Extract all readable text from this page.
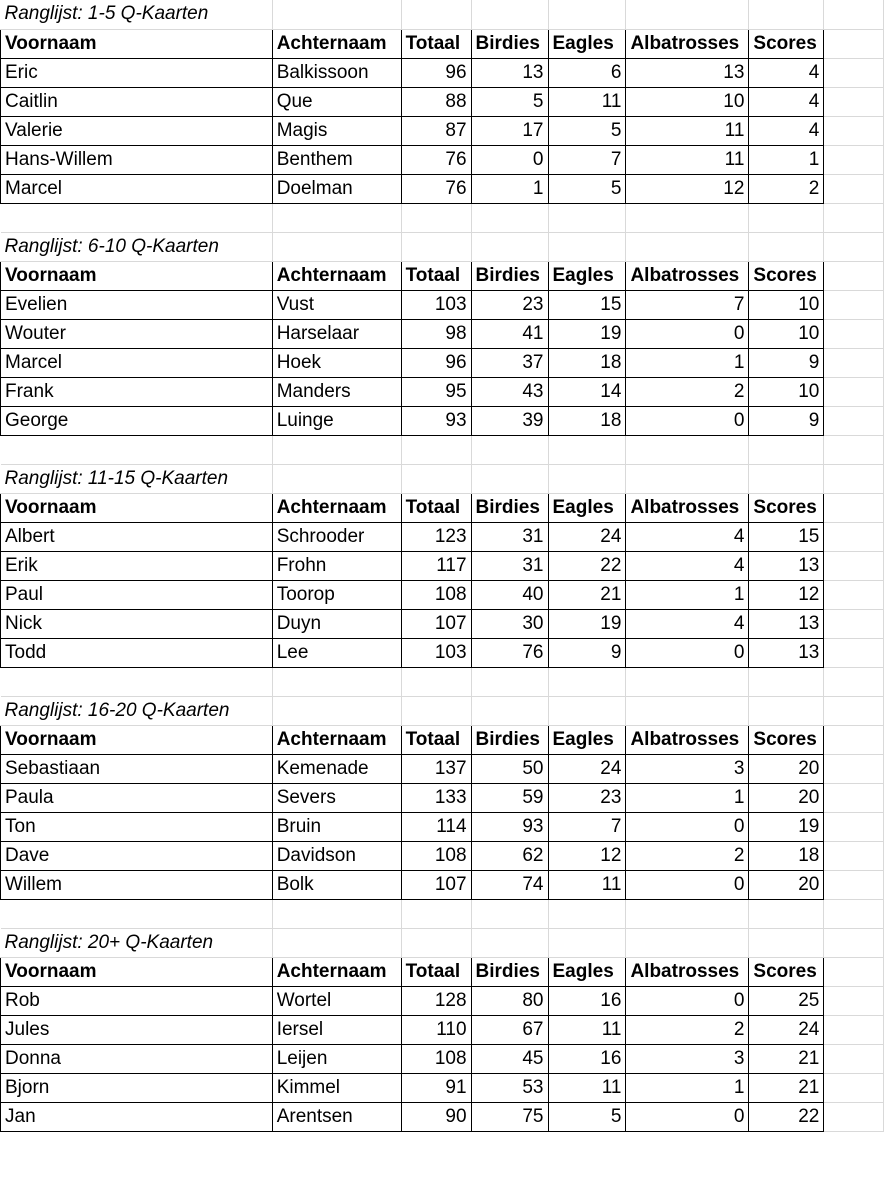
Ranglijst: 1-5 Q-Kaarten							
Voornaam	Achternaam	Totaal	Birdies	Eagles	Albatrosses	Scores	
Eric	Balkissoon	96	13	6	13	4	
Caitlin	Que	88	5	11	10	4	
Valerie	Magis	87	17	5	11	4	
Hans-Willem	Benthem	76	0	7	11	1	
Marcel	Doelman	76	1	5	12	2	

Ranglijst: 6-10 Q-Kaarten							
Voornaam	Achternaam	Totaal	Birdies	Eagles	Albatrosses	Scores	
Evelien	Vust	103	23	15	7	10	
Wouter	Harselaar	98	41	19	0	10	
Marcel	Hoek	96	37	18	1	9	
Frank	Manders	95	43	14	2	10	
George	Luinge	93	39	18	0	9	

Ranglijst: 11-15 Q-Kaarten							
Voornaam	Achternaam	Totaal	Birdies	Eagles	Albatrosses	Scores	
Albert	Schrooder	123	31	24	4	15	
Erik	Frohn	117	31	22	4	13	
Paul	Toorop	108	40	21	1	12	
Nick	Duyn	107	30	19	4	13	
Todd	Lee	103	76	9	0	13	

Ranglijst: 16-20 Q-Kaarten							
Voornaam	Achternaam	Totaal	Birdies	Eagles	Albatrosses	Scores	
Sebastiaan	Kemenade	137	50	24	3	20	
Paula	Severs	133	59	23	1	20	
Ton	Bruin	114	93	7	0	19	
Dave	Davidson	108	62	12	2	18	
Willem	Bolk	107	74	11	0	20	

Ranglijst: 20+ Q-Kaarten							
Voornaam	Achternaam	Totaal	Birdies	Eagles	Albatrosses	Scores	
Rob	Wortel	128	80	16	0	25	
Jules	Iersel	110	67	11	2	24	
Donna	Leijen	108	45	16	3	21	
Bjorn	Kimmel	91	53	11	1	21	
Jan	Arentsen	90	75	5	0	22	
